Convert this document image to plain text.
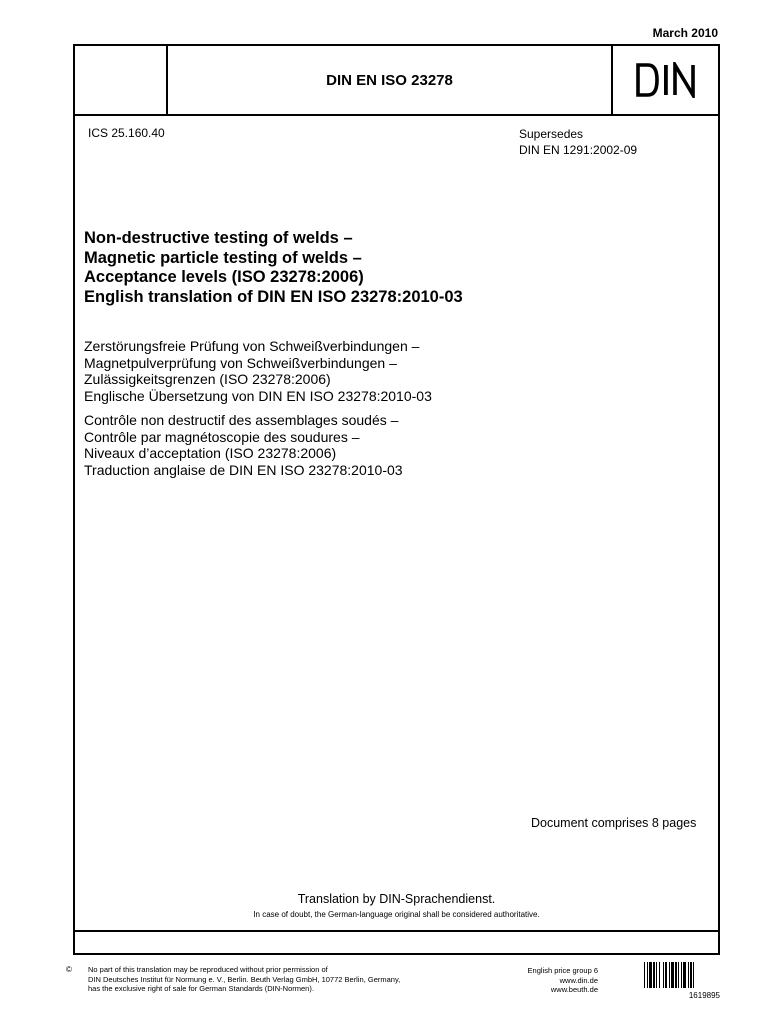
March 2010
DIN EN ISO 23278
ICS 25.160.40	Supersedes
DIN EN 1291:2002-09
Non-destructive testing of welds –
Magnetic particle testing of welds –
Acceptance levels (ISO 23278:2006)
English translation of DIN EN ISO 23278:2010-03
Zerstörungsfreie Prüfung von Schweißverbindungen –
Magnetpulverprüfung von Schweißverbindungen –
Zulässigkeitsgrenzen (ISO 23278:2006)
Englische Übersetzung von DIN EN ISO 23278:2010-03
Contrôle non destructif des assemblages soudés –
Contrôle par magnétoscopie des soudures –
Niveaux d’acceptation (ISO 23278:2006)
Traduction anglaise de DIN EN ISO 23278:2010-03
Document comprises 8 pages
Translation by DIN-Sprachendienst.
In case of doubt, the German-language original shall be considered authoritative.
© No part of this translation may be reproduced without prior permission of
DIN Deutsches Institut für Normung e. V., Berlin. Beuth Verlag GmbH, 10772 Berlin, Germany,
has the exclusive right of sale for German Standards (DIN-Normen).
English price group 6
www.din.de
www.beuth.de
1619895
